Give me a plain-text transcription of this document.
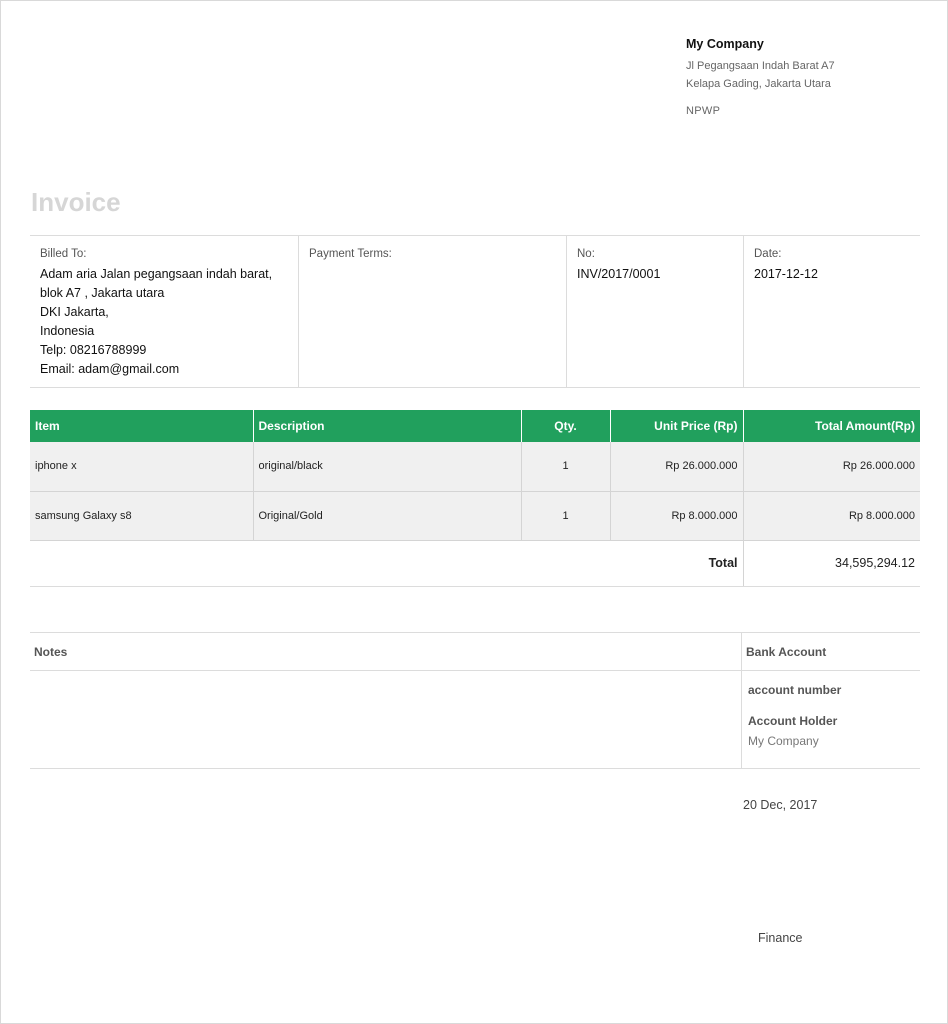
My Company
Jl Pegangsaan Indah Barat A7
Kelapa Gading, Jakarta Utara
NPWP
Invoice
Billed To:
Adam aria Jalan pegangsaan indah barat,
blok A7 , Jakarta utara
DKI Jakarta,
Indonesia
Telp: 08216788999
Email: adam@gmail.com
Payment Terms:	No:
INV/2017/0001
Date:
2017-12-12
Item	Description	Qty.	Unit Price (Rp)	Total Amount(Rp)
iphone x	original/black	1	Rp 26.000.000	Rp 26.000.000
samsung Galaxy s8	Original/Gold	1	Rp 8.000.000	Rp 8.000.000
			Total	34,595,294.12
Notes	Bank Account
account number
Account Holder
My Company
20 Dec, 2017
Finance
